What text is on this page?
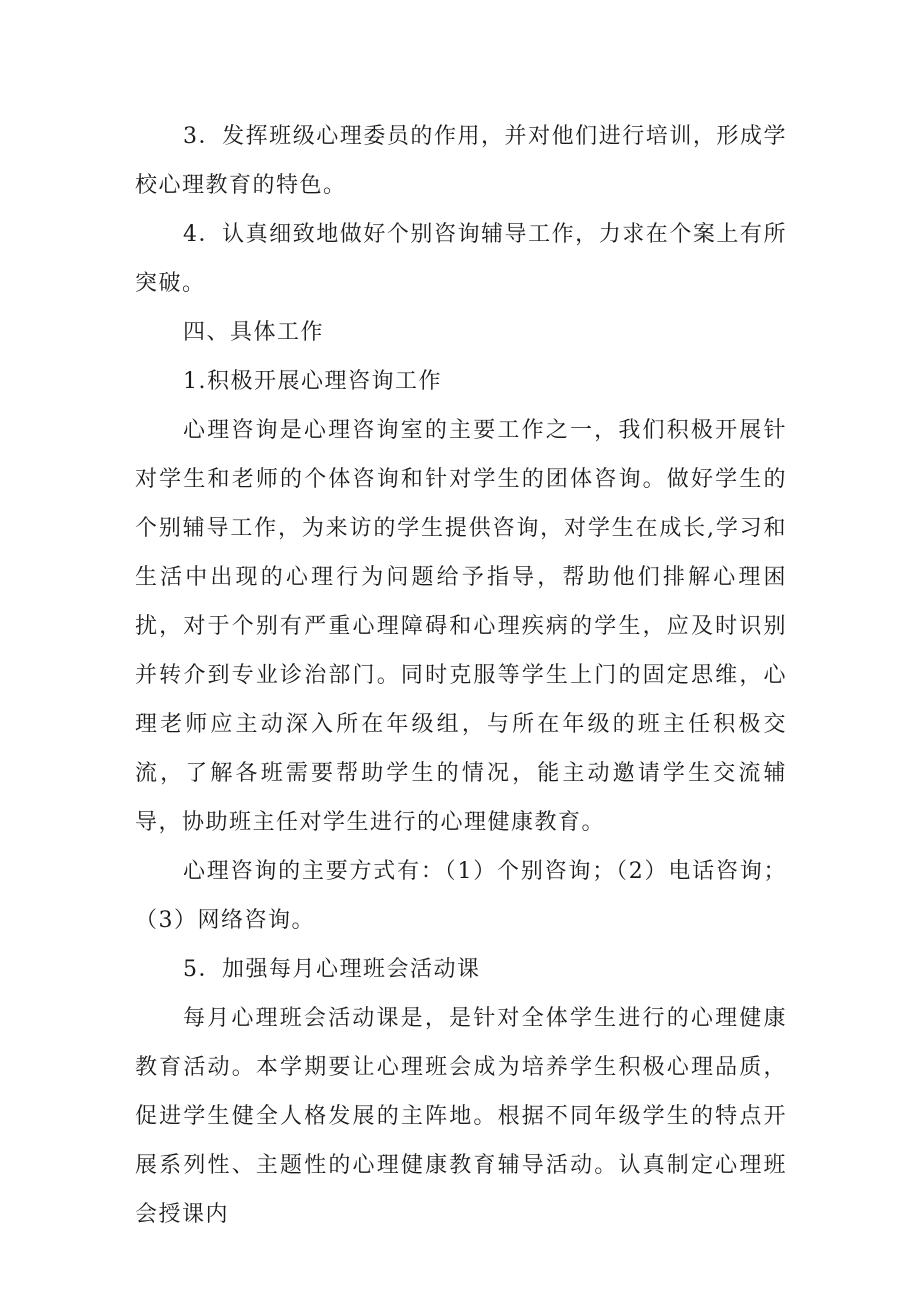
3．发挥班级心理委员的作用，并对他们进行培训，形成学校心理教育的特色。

4．认真细致地做好个别咨询辅导工作，力求在个案上有所突破。

四、具体工作

1.积极开展心理咨询工作

心理咨询是心理咨询室的主要工作之一，我们积极开展针对学生和老师的个体咨询和针对学生的团体咨询。做好学生的个别辅导工作，为来访的学生提供咨询，对学生在成长,学习和生活中出现的心理行为问题给予指导，帮助他们排解心理困扰，对于个别有严重心理障碍和心理疾病的学生，应及时识别并转介到专业诊治部门。同时克服等学生上门的固定思维，心理老师应主动深入所在年级组，与所在年级的班主任积极交流，了解各班需要帮助学生的情况，能主动邀请学生交流辅导，协助班主任对学生进行的心理健康教育。

心理咨询的主要方式有：（1）个别咨询；（2）电话咨询；（3）网络咨询。

5．加强每月心理班会活动课

每月心理班会活动课是，是针对全体学生进行的心理健康教育活动。本学期要让心理班会成为培养学生积极心理品质，促进学生健全人格发展的主阵地。根据不同年级学生的特点开展系列性、主题性的心理健康教育辅导活动。认真制定心理班会授课内
